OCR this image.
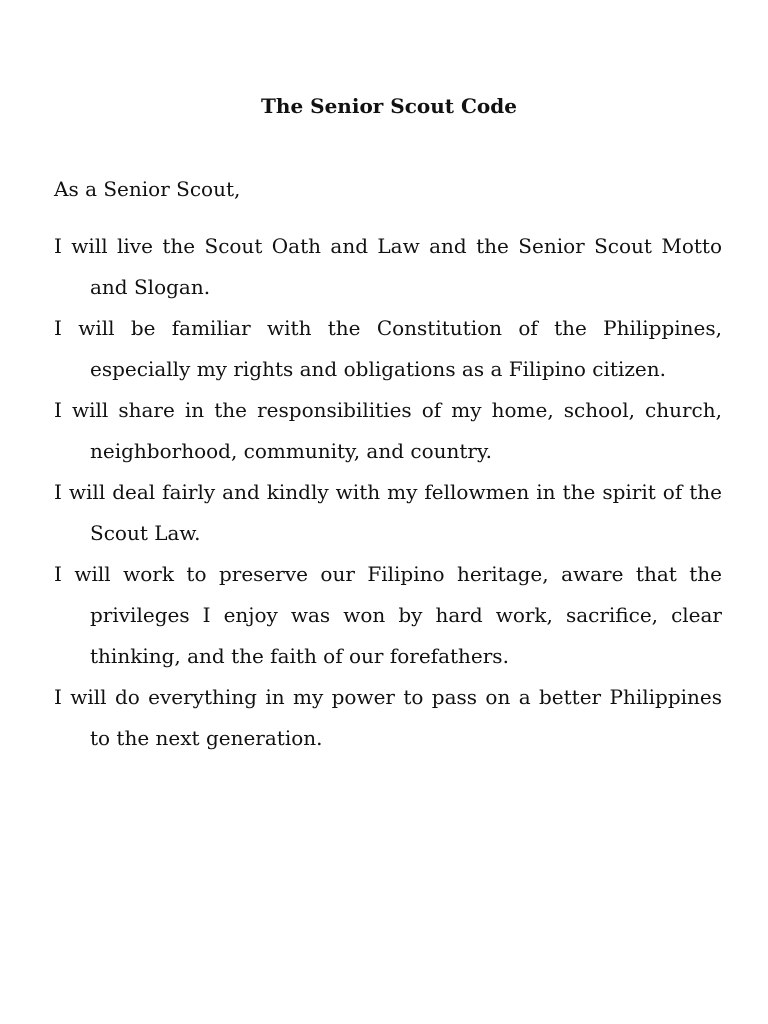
The Senior Scout Code

As a Senior Scout,

I will live the Scout Oath and Law and the Senior Scout Motto and Slogan.
I will be familiar with the Constitution of the Philippines, especially my rights and obligations as a Filipino citizen.
I will share in the responsibilities of my home, school, church, neighborhood, community, and country.
I will deal fairly and kindly with my fellowmen in the spirit of the Scout Law.
I will work to preserve our Filipino heritage, aware that the privileges I enjoy was won by hard work, sacrifice, clear thinking, and the faith of our forefathers.
I will do everything in my power to pass on a better Philippines to the next generation.
